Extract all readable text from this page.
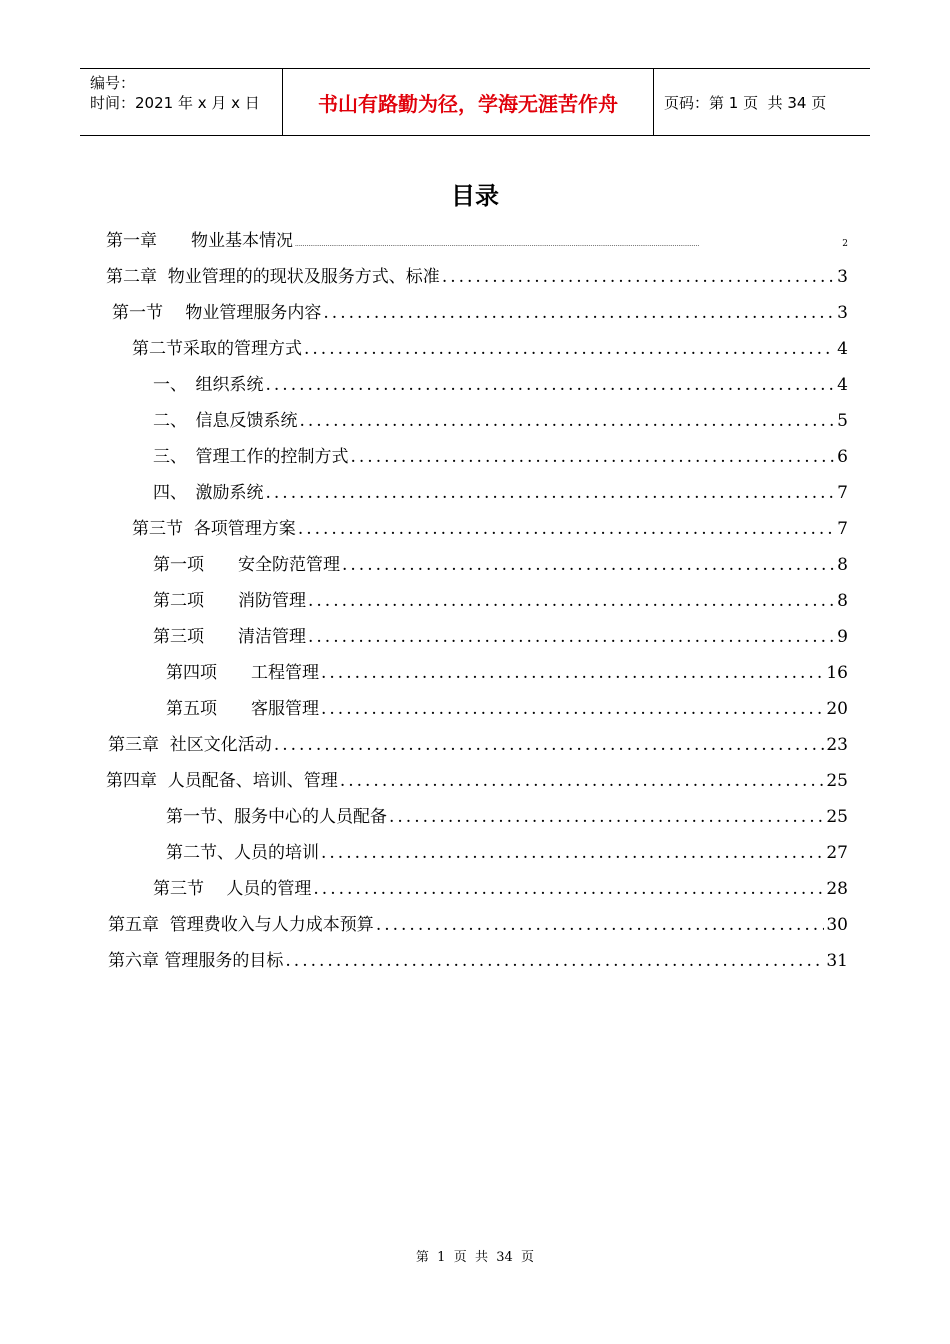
编号：
时间：2021 年 x 月 x 日	书山有路勤为径，学海无涯苦作舟	页码：第 1 页  共 34 页
目录
第一章　　物业基本情况 .....	2
第二章  物业管理的的现状及服务方式、标准 .....	3
第一节　 物业管理服务内容 .....	3
第二节采取的管理方式 .....	4
一、　组织系统 .....	4
二、　信息反馈系统 .....	5
三、　管理工作的控制方式 .....	6
四、　激励系统 .....	7
第三节  各项管理方案 .....	7
第一项　　安全防范管理 .....	8
第二项　　消防管理 .....	8
第三项　　清洁管理 .....	9
第四项　　工程管理 .....	16
第五项　　客服管理 .....	20
第三章  社区文化活动 .....	23
第四章  人员配备、培训、管理 .....	25
第一节、服务中心的人员配备 .....	25
第二节、人员的培训 .....	27
第三节　 人员的管理 .....	28
第五章  管理费收入与人力成本预算 .....	30
第六章 管理服务的目标 .....	31
第  1  页  共  34  页
